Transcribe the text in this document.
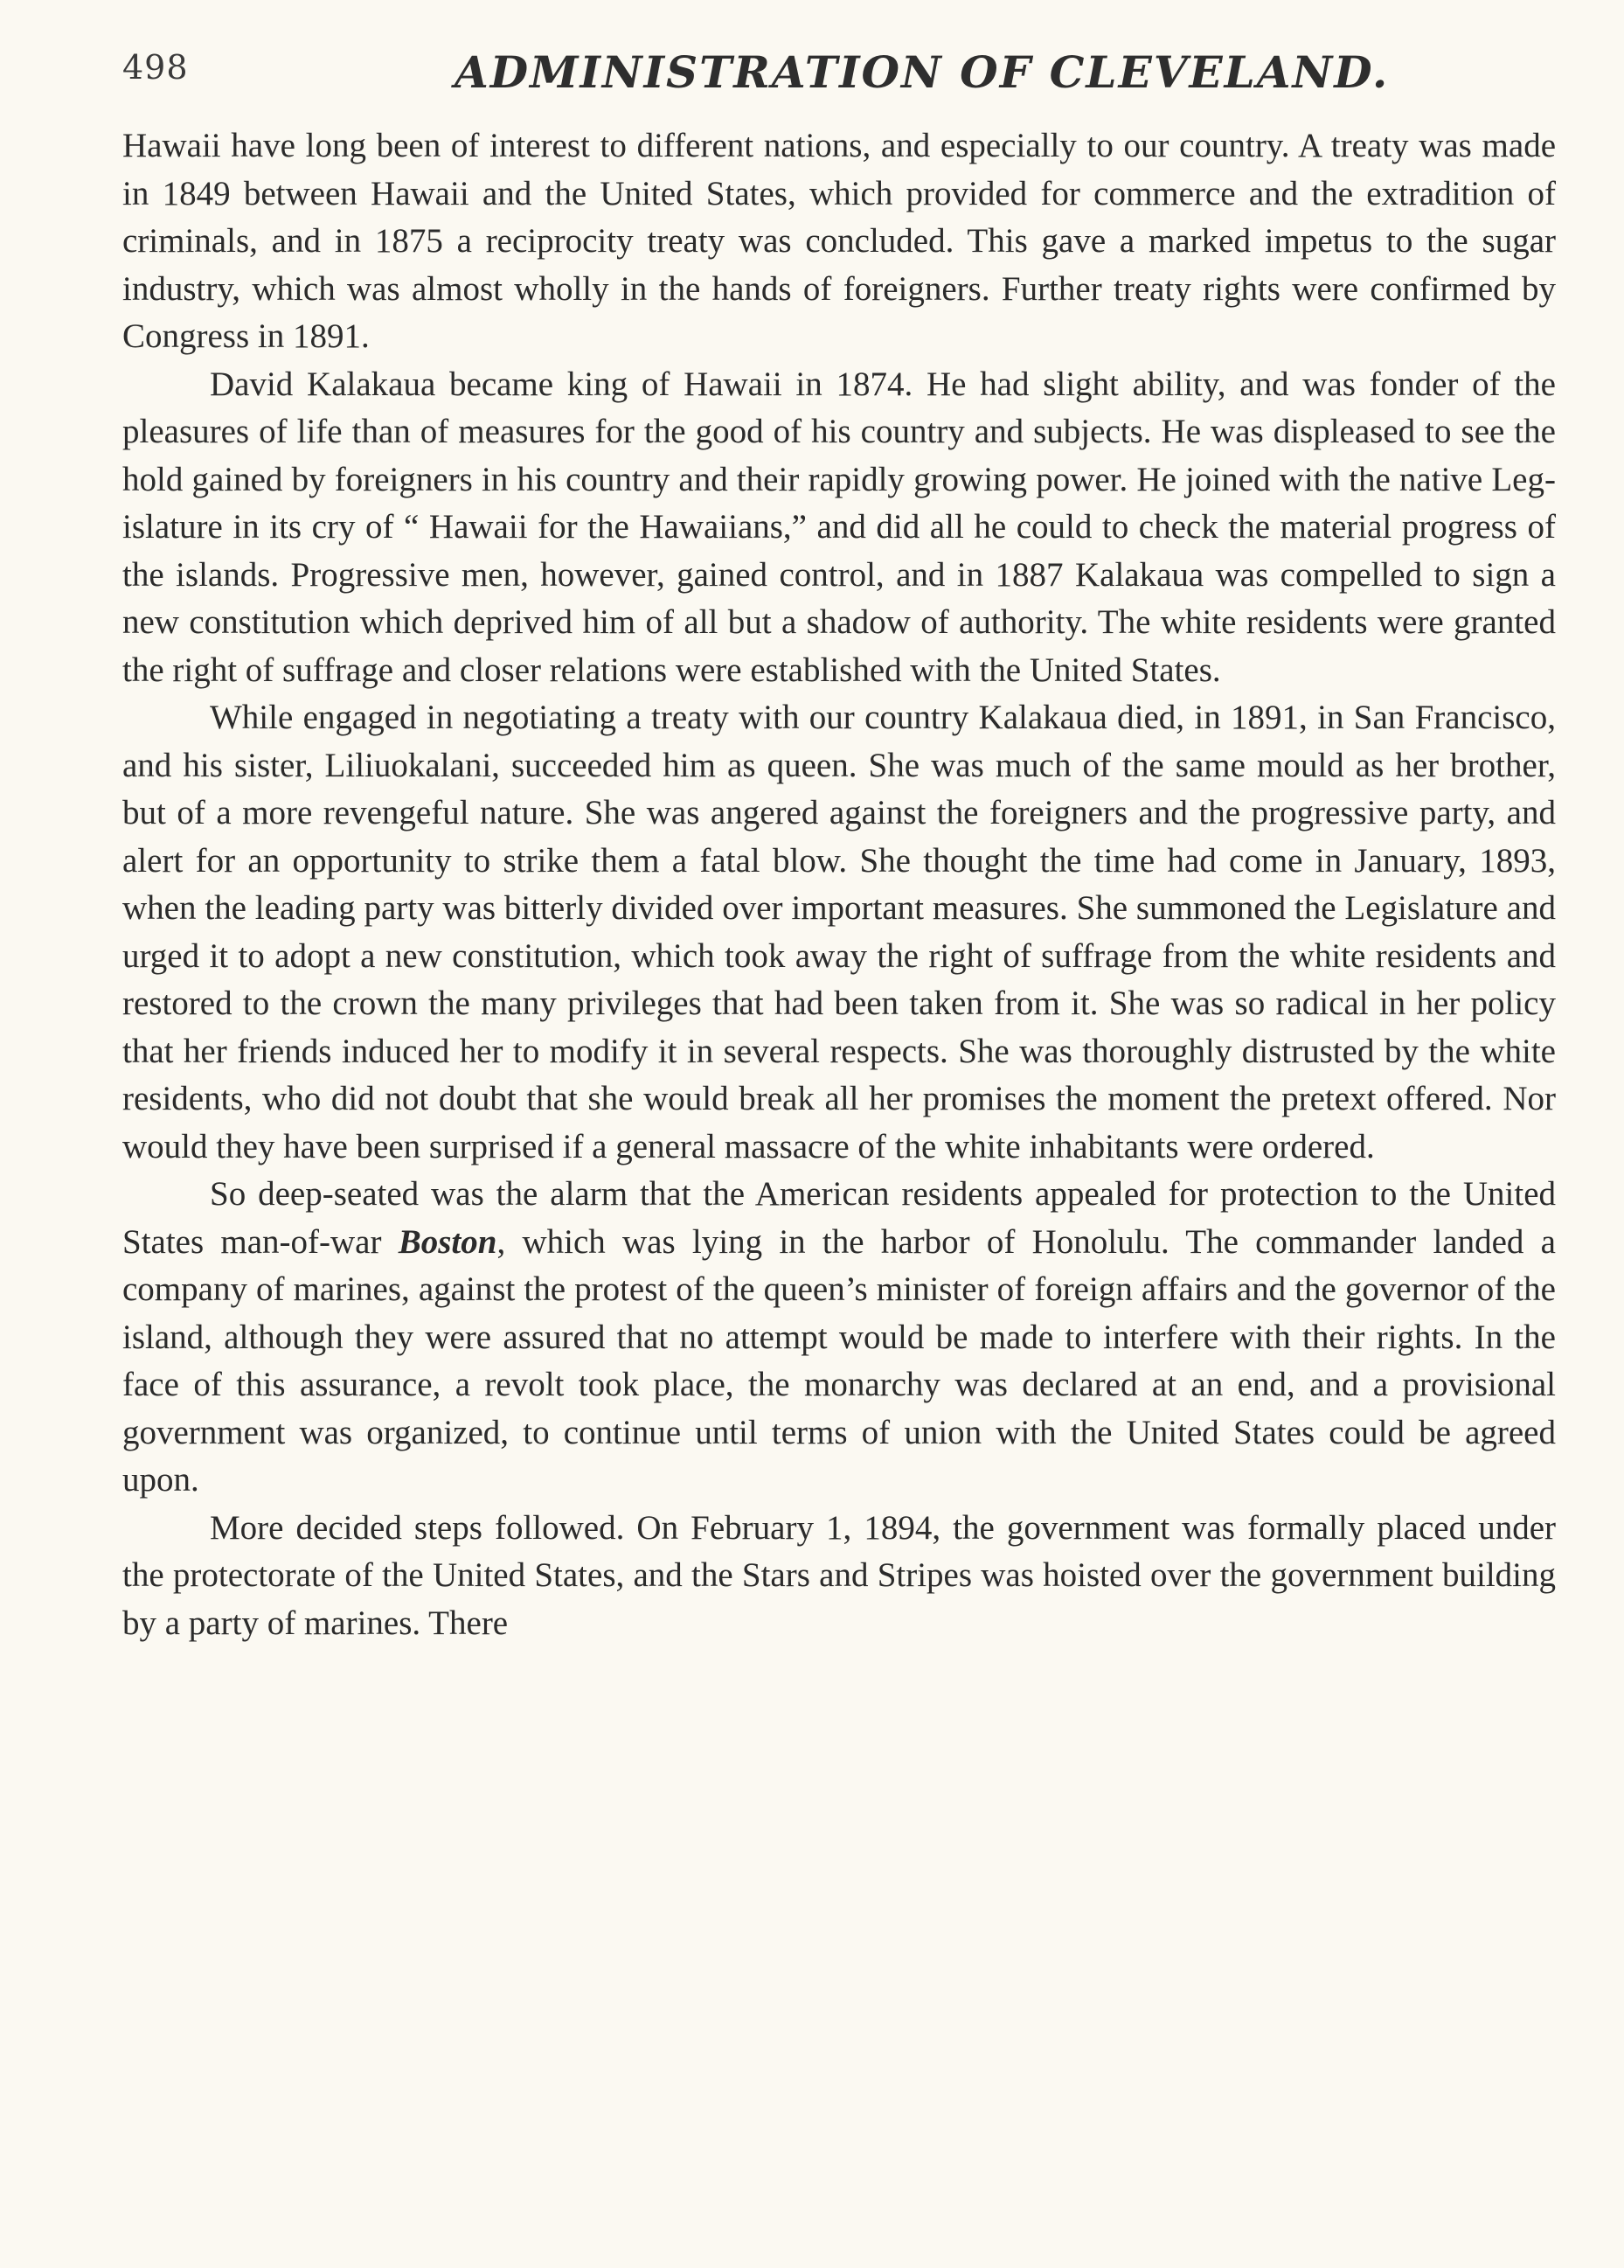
498	ADMINISTRATION OF CLEVELAND.

Hawaii have long been of interest to different nations, and especially to our country. A treaty was made in 1849 between Hawaii and the United States, which provided for commerce and the extradition of criminals, and in 1875 a reciprocity treaty was concluded. This gave a marked impetus to the sugar industry, which was almost wholly in the hands of foreigners. Further treaty rights were confirmed by Congress in 1891.

David Kalakaua became king of Hawaii in 1874. He had slight ability, and was fonder of the pleasures of life than of measures for the good of his country and subjects. He was displeased to see the hold gained by foreigners in his country and their rapidly growing power. He joined with the native Legislature in its cry of “ Hawaii for the Hawaiians,” and did all he could to check the material progress of the islands. Progressive men, however, gained control, and in 1887 Kalakaua was compelled to sign a new constitution which deprived him of all but a shadow of authority. The white residents were granted the right of suffrage and closer relations were established with the United States.

While engaged in negotiating a treaty with our country Kalakaua died, in 1891, in San Francisco, and his sister, Liliuokalani, succeeded him as queen. She was much of the same mould as her brother, but of a more revengeful nature. She was angered against the foreigners and the progressive party, and alert for an opportunity to strike them a fatal blow. She thought the time had come in January, 1893, when the leading party was bitterly divided over important measures. She summoned the Legislature and urged it to adopt a new constitution, which took away the right of suffrage from the white residents and restored to the crown the many privileges that had been taken from it. She was so radical in her policy that her friends induced her to modify it in several respects. She was thoroughly distrusted by the white residents, who did not doubt that she would break all her promises the moment the pretext offered. Nor would they have been surprised if a general massacre of the white inhabitants were ordered.

So deep-seated was the alarm that the American residents appealed for protection to the United States man-of-war Boston, which was lying in the harbor of Honolulu. The commander landed a company of marines, against the protest of the queen’s minister of foreign affairs and the governor of the island, although they were assured that no attempt would be made to interfere with their rights. In the face of this assurance, a revolt took place, the monarchy was declared at an end, and a provisional government was organized, to continue until terms of union with the United States could be agreed upon.

More decided steps followed. On February 1, 1894, the government was formally placed under the protectorate of the United States, and the Stars and Stripes was hoisted over the government building by a party of marines. There
